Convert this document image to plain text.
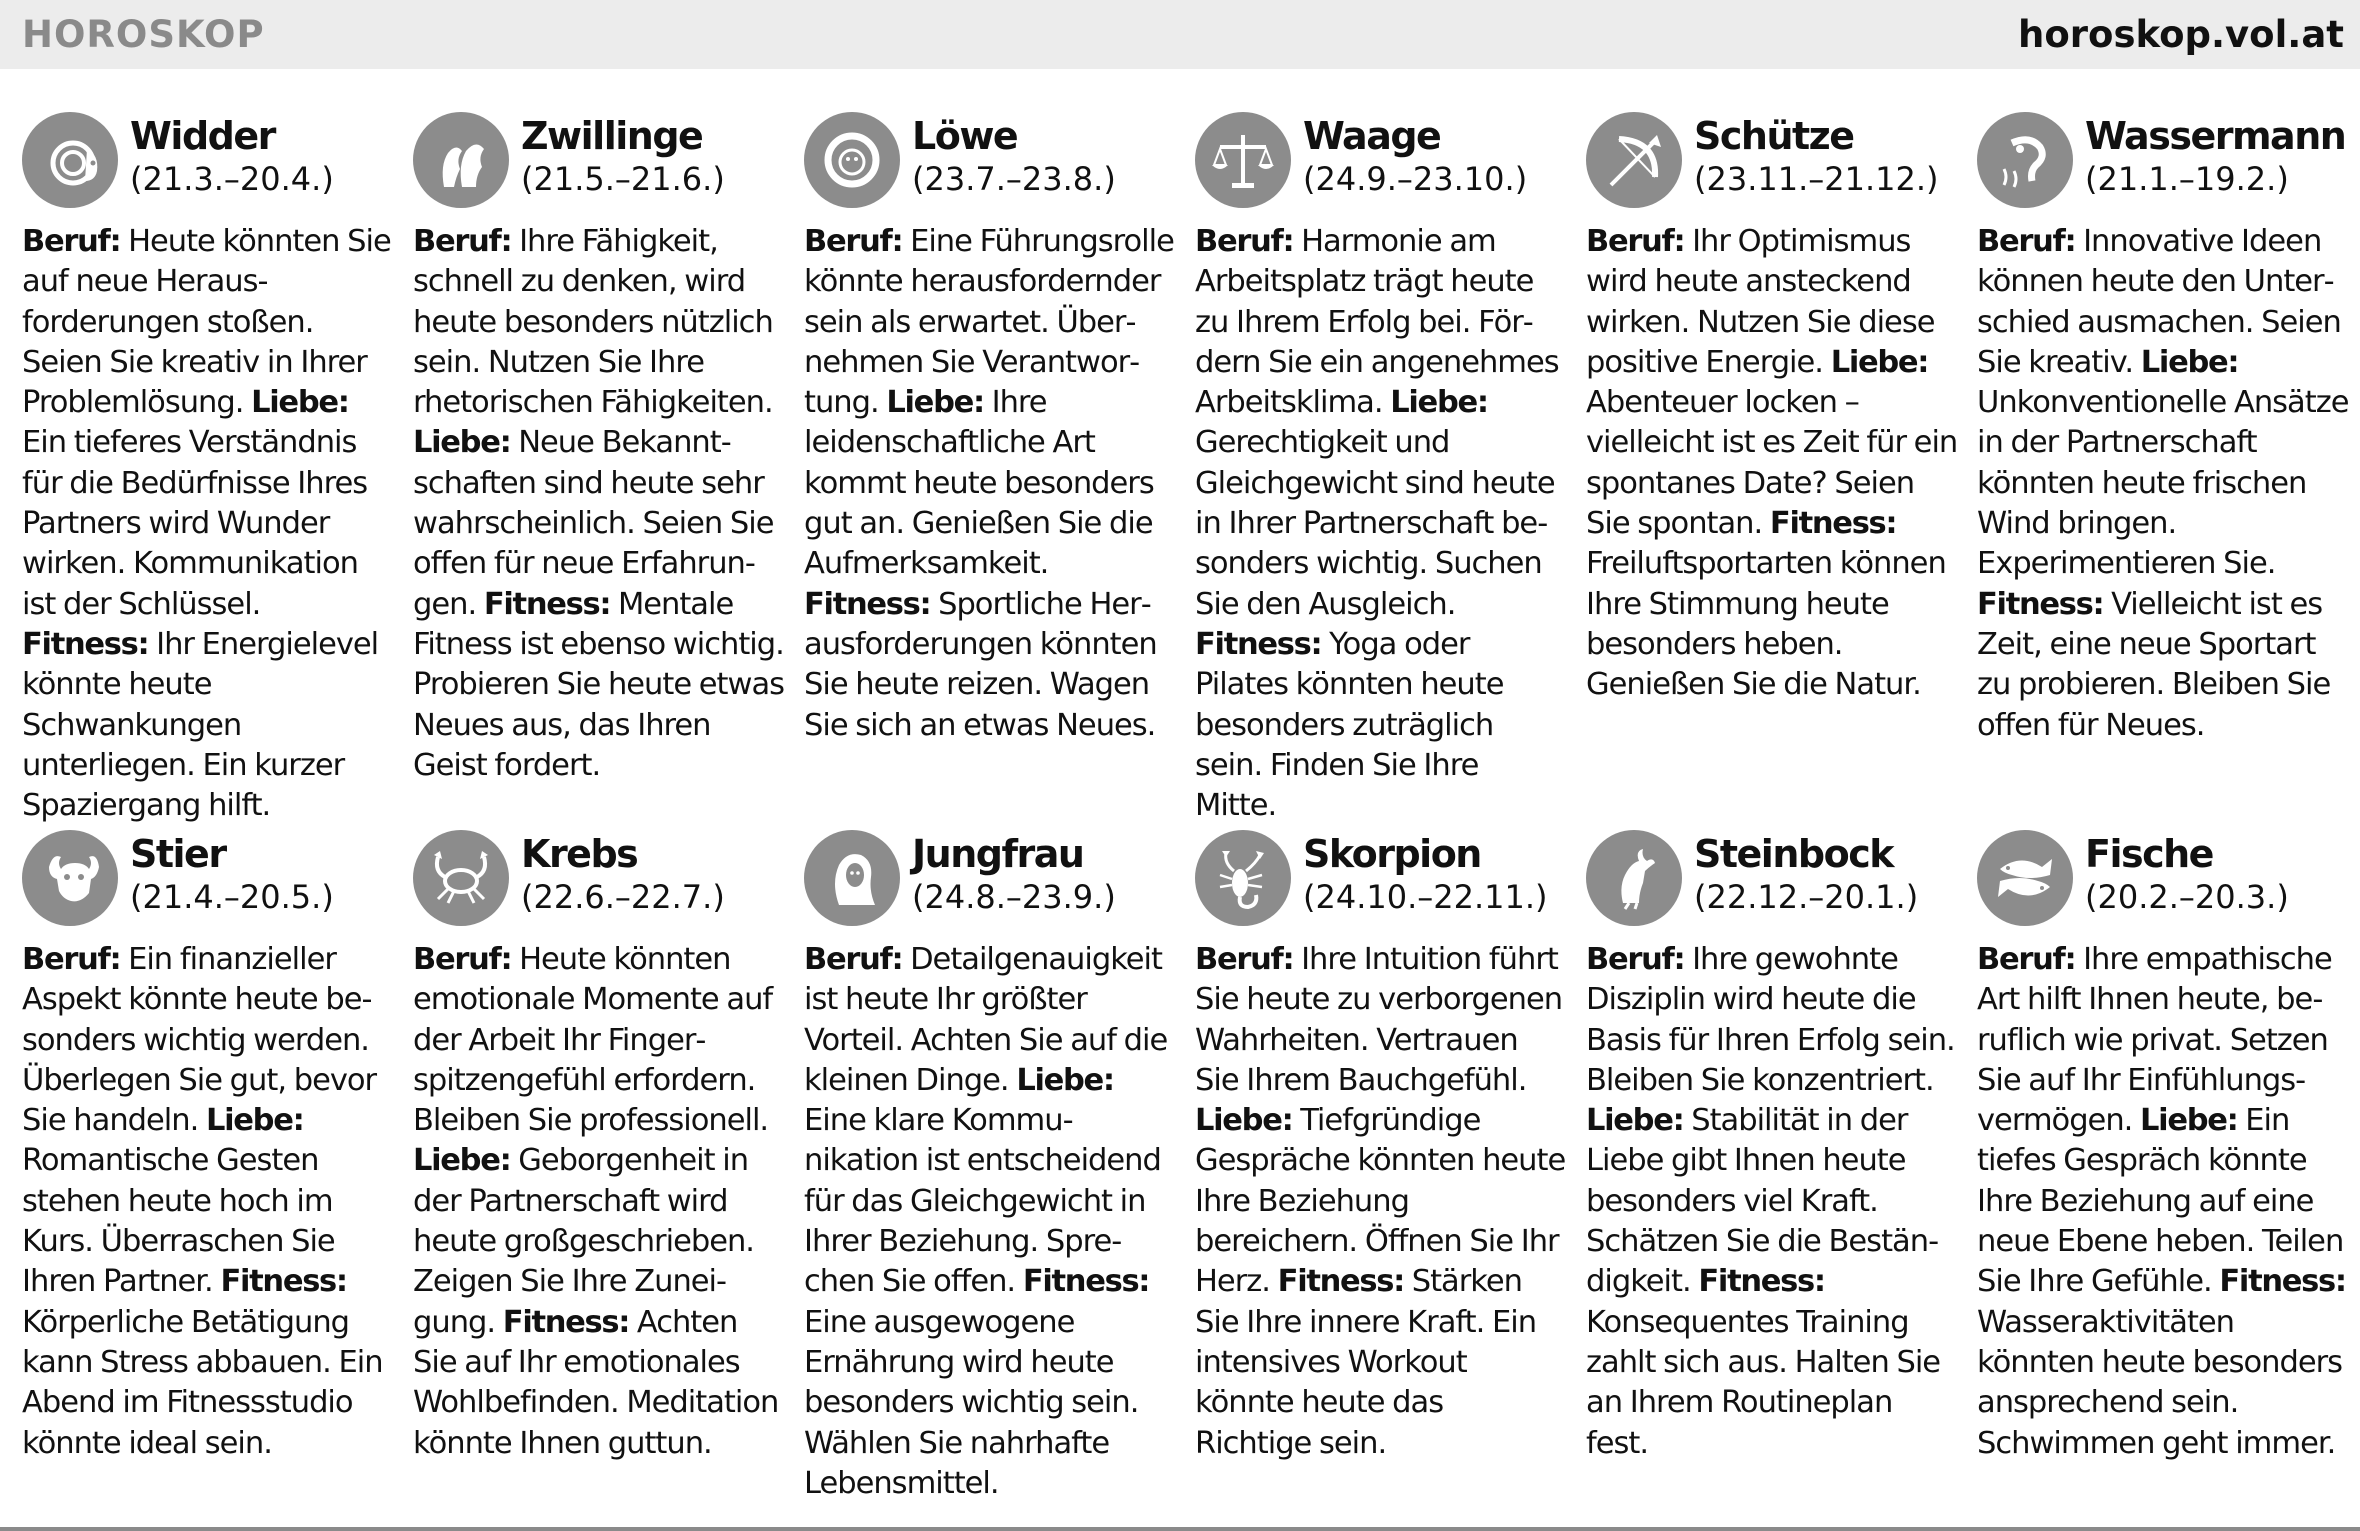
HOROSKOP	horoskop.vol.at
Widder
(21.3.–20.4.)
Beruf: Heute könnten Sie auf neue Herausforderungen stoßen. Seien Sie kreativ in Ihrer Problemlösung. Liebe: Ein tieferes Verständnis für die Bedürfnisse Ihres Partners wird Wunder wirken. Kommunikation ist der Schlüssel. Fitness: Ihr Energielevel könnte heute Schwankungen unterliegen. Ein kurzer Spaziergang hilft.
Zwillinge
(21.5.–21.6.)
Beruf: Ihre Fähigkeit, schnell zu denken, wird heute besonders nützlich sein. Nutzen Sie Ihre rhetorischen Fähigkeiten. Liebe: Neue Bekanntschaften sind heute sehr wahrscheinlich. Seien Sie offen für neue Erfahrungen. Fitness: Mentale Fitness ist ebenso wichtig. Probieren Sie heute etwas Neues aus, das Ihren Geist fordert.
Löwe
(23.7.–23.8.)
Beruf: Eine Führungsrolle könnte herausfordernder sein als erwartet. Übernehmen Sie Verantwortung. Liebe: Ihre leidenschaftliche Art kommt heute besonders gut an. Genießen Sie die Aufmerksamkeit. Fitness: Sportliche Herausforderungen könnten Sie heute reizen. Wagen Sie sich an etwas Neues.
Waage
(24.9.–23.10.)
Beruf: Harmonie am Arbeitsplatz trägt heute zu Ihrem Erfolg bei. Fördern Sie ein angenehmes Arbeitsklima. Liebe: Gerechtigkeit und Gleichgewicht sind heute in Ihrer Partnerschaft besonders wichtig. Suchen Sie den Ausgleich. Fitness: Yoga oder Pilates könnten heute besonders zuträglich sein. Finden Sie Ihre Mitte.
Schütze
(23.11.–21.12.)
Beruf: Ihr Optimismus wird heute ansteckend wirken. Nutzen Sie diese positive Energie. Liebe: Abenteuer locken – vielleicht ist es Zeit für ein spontanes Date? Seien Sie spontan. Fitness: Freiluftsportarten können Ihre Stimmung heute besonders heben. Genießen Sie die Natur.
Wassermann
(21.1.–19.2.)
Beruf: Innovative Ideen können heute den Unterschied ausmachen. Seien Sie kreativ. Liebe: Unkonventionelle Ansätze in der Partnerschaft könnten heute frischen Wind bringen. Experimentieren Sie. Fitness: Vielleicht ist es Zeit, eine neue Sportart zu probieren. Bleiben Sie offen für Neues.
Stier
(21.4.–20.5.)
Beruf: Ein finanzieller Aspekt könnte heute besonders wichtig werden. Überlegen Sie gut, bevor Sie handeln. Liebe: Romantische Gesten stehen heute hoch im Kurs. Überraschen Sie Ihren Partner. Fitness: Körperliche Betätigung kann Stress abbauen. Ein Abend im Fitnessstudio könnte ideal sein.
Krebs
(22.6.–22.7.)
Beruf: Heute könnten emotionale Momente auf der Arbeit Ihr Fingerspitzengefühl erfordern. Bleiben Sie professionell. Liebe: Geborgenheit in der Partnerschaft wird heute großgeschrieben. Zeigen Sie Ihre Zuneigung. Fitness: Achten Sie auf Ihr emotionales Wohlbefinden. Meditation könnte Ihnen guttun.
Jungfrau
(24.8.–23.9.)
Beruf: Detailgenauigkeit ist heute Ihr größter Vorteil. Achten Sie auf die kleinen Dinge. Liebe: Eine klare Kommunikation ist entscheidend für das Gleichgewicht in Ihrer Beziehung. Sprechen Sie offen. Fitness: Eine ausgewogene Ernährung wird heute besonders wichtig sein. Wählen Sie nahrhafte Lebensmittel.
Skorpion
(24.10.–22.11.)
Beruf: Ihre Intuition führt Sie heute zu verborgenen Wahrheiten. Vertrauen Sie Ihrem Bauchgefühl. Liebe: Tiefgründige Gespräche könnten heute Ihre Beziehung bereichern. Öffnen Sie Ihr Herz. Fitness: Stärken Sie Ihre innere Kraft. Ein intensives Workout könnte heute das Richtige sein.
Steinbock
(22.12.–20.1.)
Beruf: Ihre gewohnte Disziplin wird heute die Basis für Ihren Erfolg sein. Bleiben Sie konzentriert. Liebe: Stabilität in der Liebe gibt Ihnen heute besonders viel Kraft. Schätzen Sie die Beständigkeit. Fitness: Konsequentes Training zahlt sich aus. Halten Sie an Ihrem Routineplan fest.
Fische
(20.2.–20.3.)
Beruf: Ihre empathische Art hilft Ihnen heute, beruflich wie privat. Setzen Sie auf Ihr Einfühlungsvermögen. Liebe: Ein tiefes Gespräch könnte Ihre Beziehung auf eine neue Ebene heben. Teilen Sie Ihre Gefühle. Fitness: Wasseraktivitäten könnten heute besonders ansprechend sein. Schwimmen geht immer.
